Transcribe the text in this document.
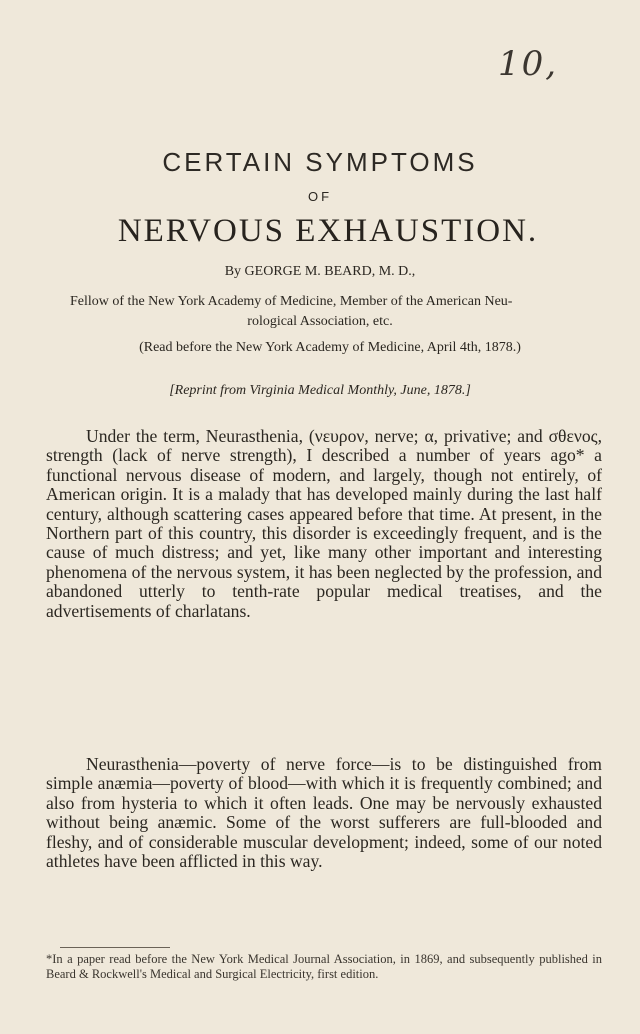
10,
CERTAIN SYMPTOMS
OF
NERVOUS EXHAUSTION.
By GEORGE M. BEARD, M. D.,
Fellow of the New York Academy of Medicine, Member of the American Neu-
rological Association, etc.
(Read before the New York Academy of Medicine, April 4th, 1878.)
[Reprint from Virginia Medical Monthly, June, 1878.]
Under the term, Neurasthenia, (νευρον, nerve; α, privative; and σθενος, strength (lack of nerve strength), I described a number of years ago* a functional nervous disease of modern, and largely, though not entirely, of American origin. It is a malady that has developed mainly during the last half century, although scattering cases appeared before that time. At present, in the Northern part of this country, this disorder is exceedingly frequent, and is the cause of much distress; and yet, like many other important and interesting phenomena of the nervous system, it has been neglected by the profession, and abandoned utterly to tenth-rate popular medical treatises, and the advertisements of charlatans.
Neurasthenia—poverty of nerve force—is to be distinguished from simple anæmia—poverty of blood—with which it is frequently combined; and also from hysteria to which it often leads. One may be nervously exhausted without being anæmic. Some of the worst sufferers are full-blooded and fleshy, and of considerable muscular development; indeed, some of our noted athletes have been afflicted in this way.
*In a paper read before the New York Medical Journal Association, in 1869, and subsequently published in Beard & Rockwell's Medical and Surgical Electricity, first edition.
